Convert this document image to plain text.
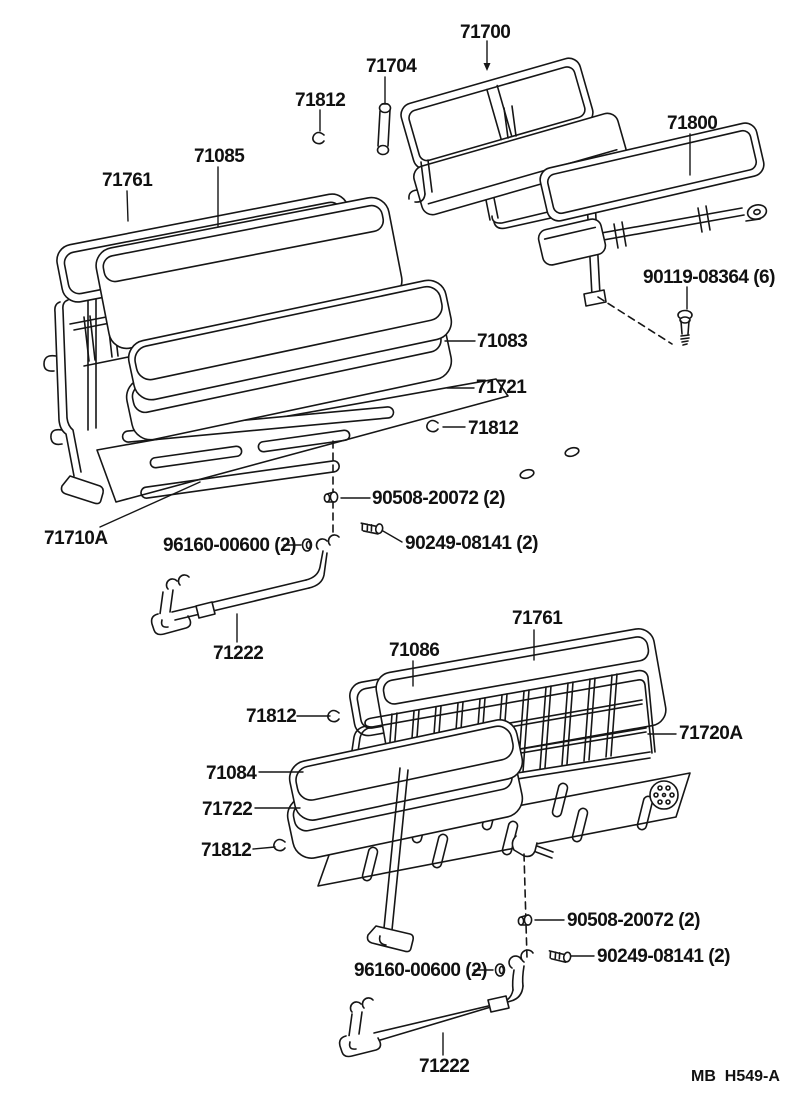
71700
71704
71812
71800
71085
71761
90119-08364 (6)
71083
71721
71812
90508-20072 (2)
71710A	96160-00600 (2)	90249-08141 (2)
71222
71761
71086
71812
71720A
71084
71722
71812
90508-20072 (2)
90249-08141 (2)
96160-00600 (2)
71222	MB  H549-A
